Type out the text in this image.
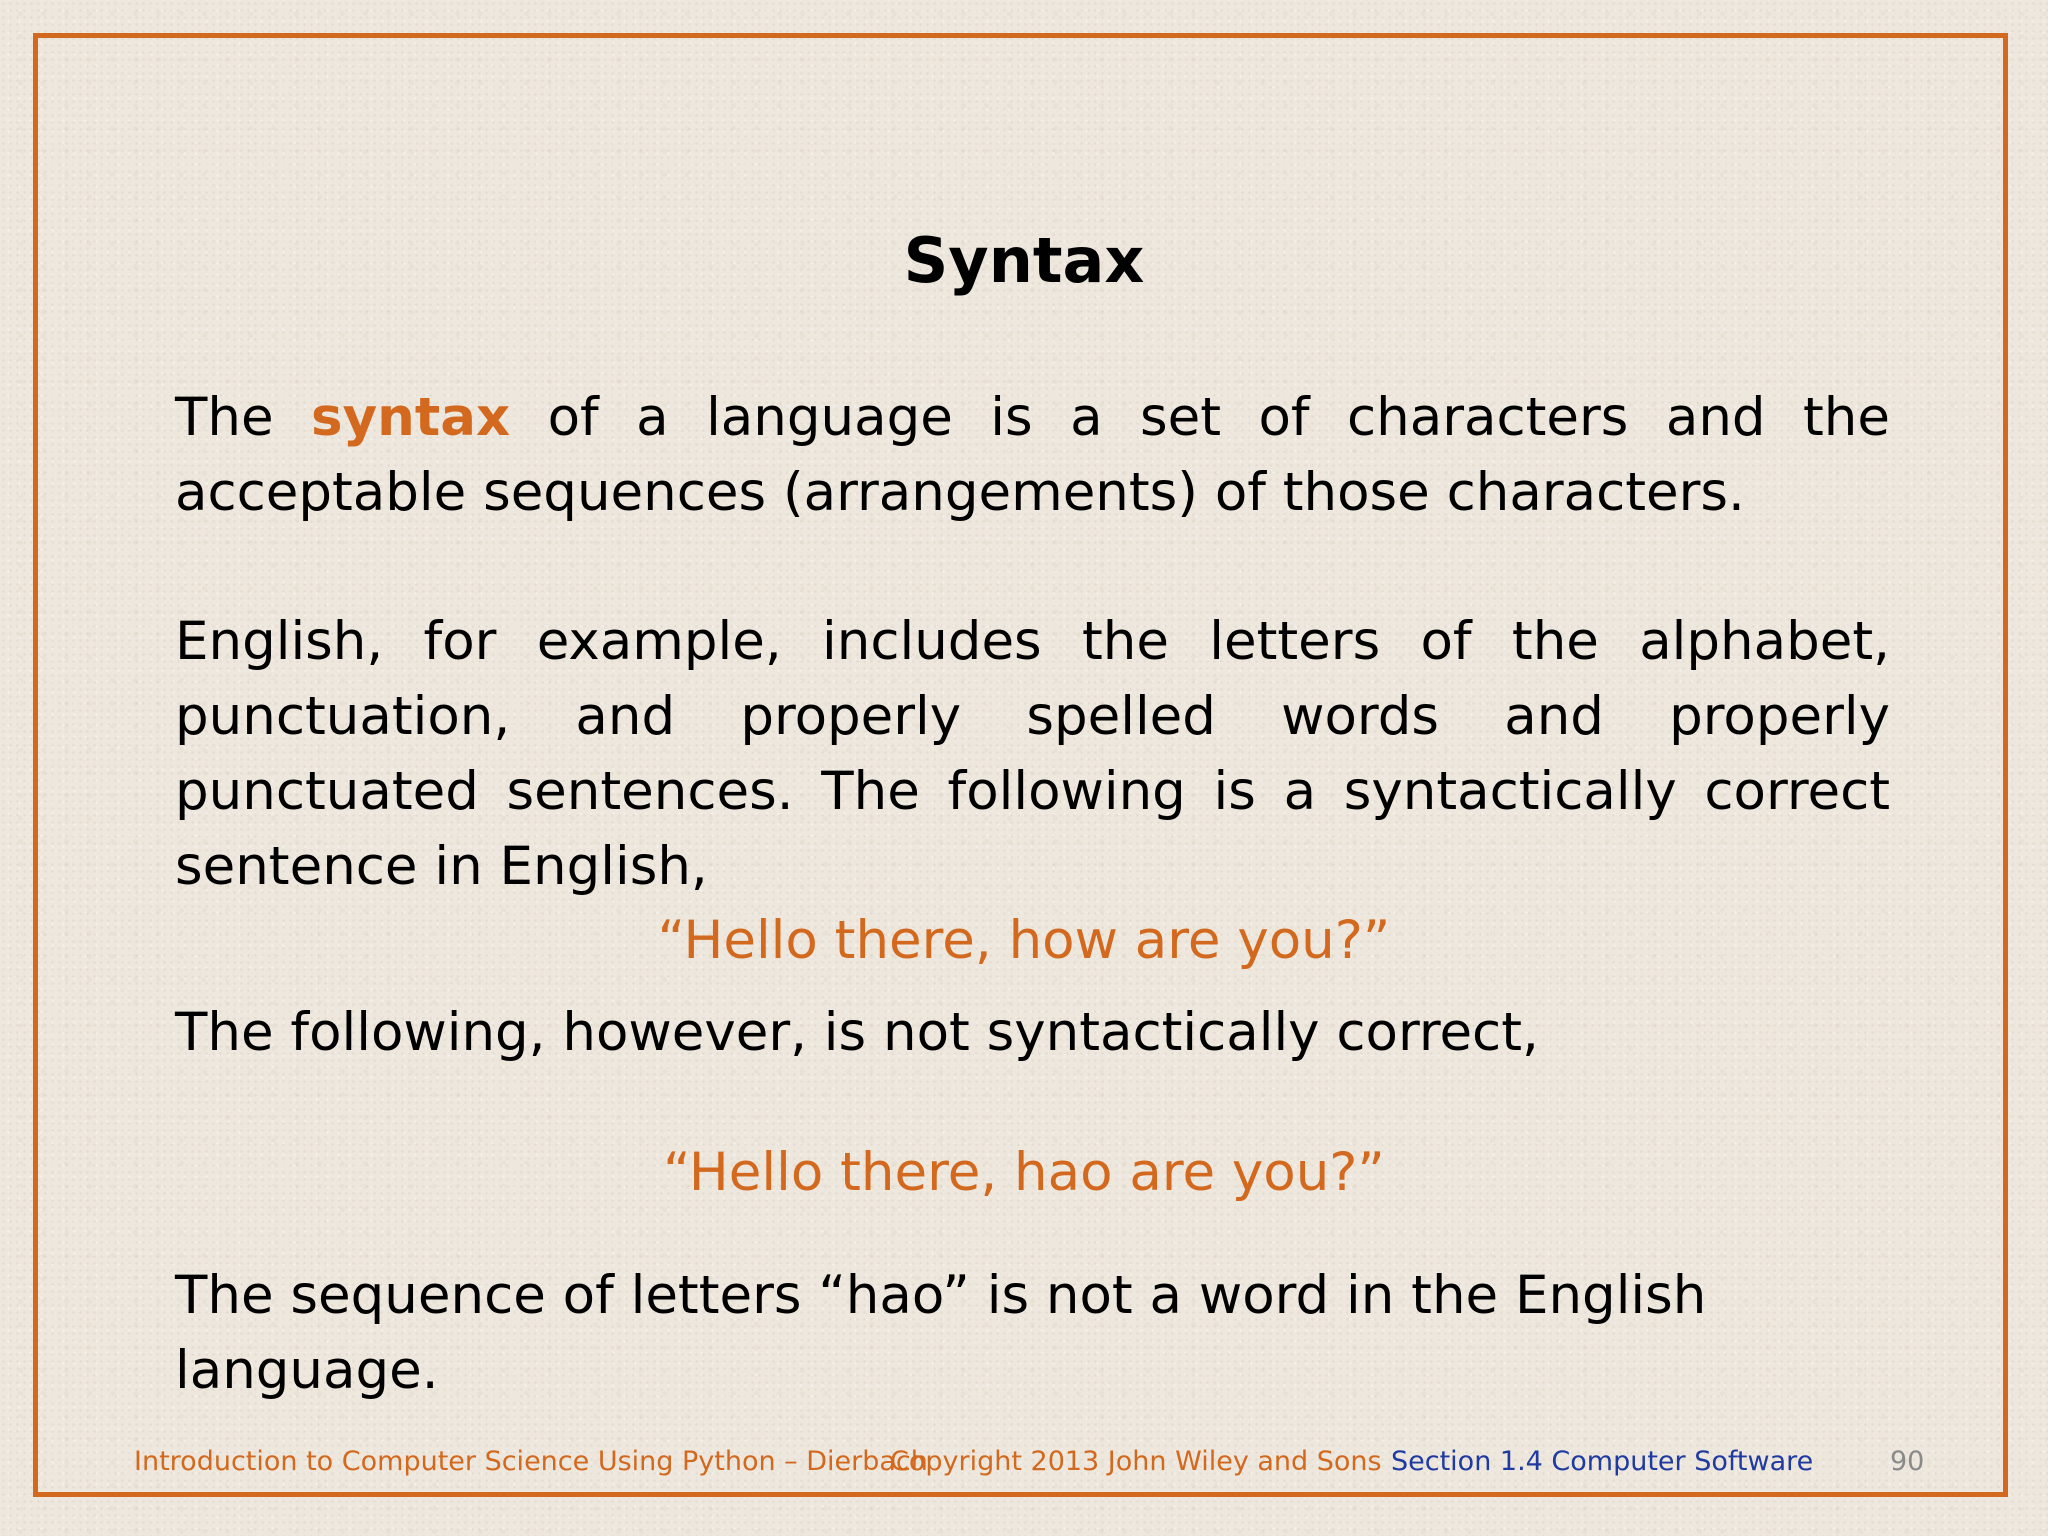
Syntax

The syntax of a language is a set of characters and the acceptable sequences (arrangements) of those characters.

English, for example, includes the letters of the alphabet, punctuation, and properly spelled words and properly punctuated sentences. The following is a syntactically correct sentence in English,

“Hello there, how are you?”

The following, however, is not syntactically correct,

“Hello there, hao are you?”

The sequence of letters “hao” is not a word in the English language.

Introduction to Computer Science Using Python – Dierbach
Copyright 2013 John Wiley and Sons Section 1.4 Computer Software	90
